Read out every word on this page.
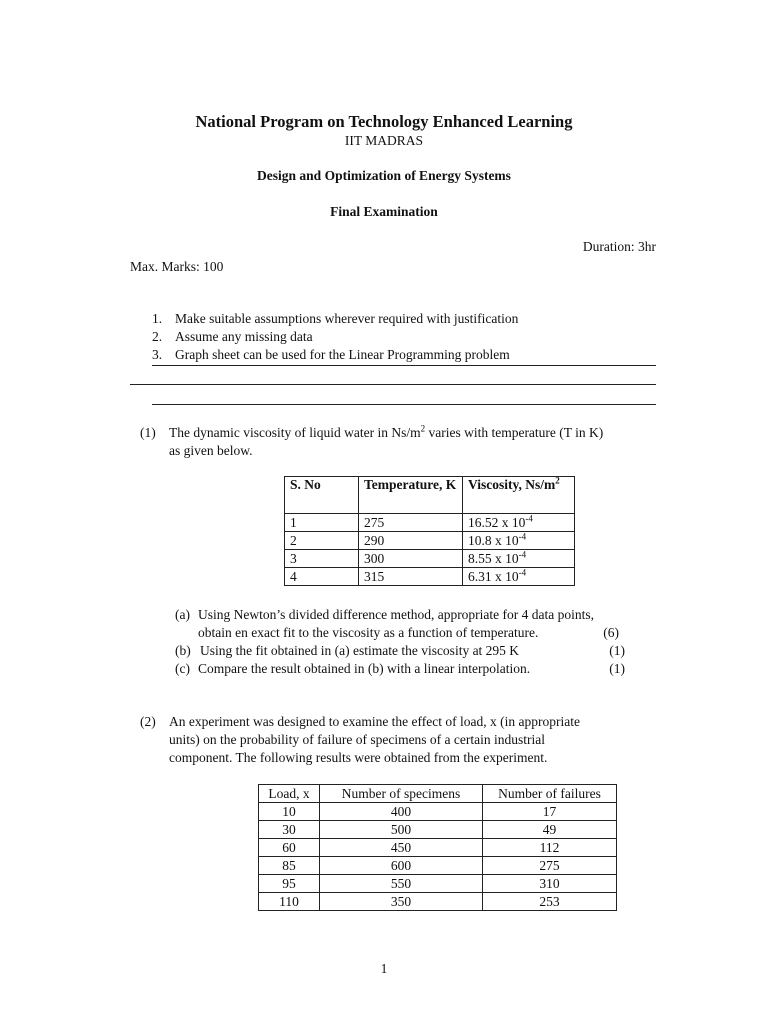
National Program on Technology Enhanced Learning
IIT MADRAS
Design and Optimization of Energy Systems
Final Examination
Duration: 3hr
Max. Marks: 100
1. Make suitable assumptions wherever required with justification
2. Assume any missing data
3. Graph sheet can be used for the Linear Programming problem
(1) The dynamic viscosity of liquid water in $Ns/m^2$ varies with temperature (T in K)
as given below.
S. No	Temperature, K	Viscosity, $Ns/m^2$
1	275	16.52 x $10^{-4}$
2	290	10.8 x $10^{-4}$
3	300	8.55 x $10^{-4}$
4	315	6.31 x $10^{-4}$
(a) Using Newton’s divided difference method, appropriate for 4 data points,
obtain en exact fit to the viscosity as a function of temperature.	(6)
(b) Using the fit obtained in (a) estimate the viscosity at 295 K	(1)
(c) Compare the result obtained in (b) with a linear interpolation.	(1)
(2) An experiment was designed to examine the effect of load, x (in appropriate
units) on the probability of failure of specimens of a certain industrial
component. The following results were obtained from the experiment.
Load, x	Number of specimens	Number of failures
10	400	17
30	500	49
60	450	112
85	600	275
95	550	310
110	350	253
1
